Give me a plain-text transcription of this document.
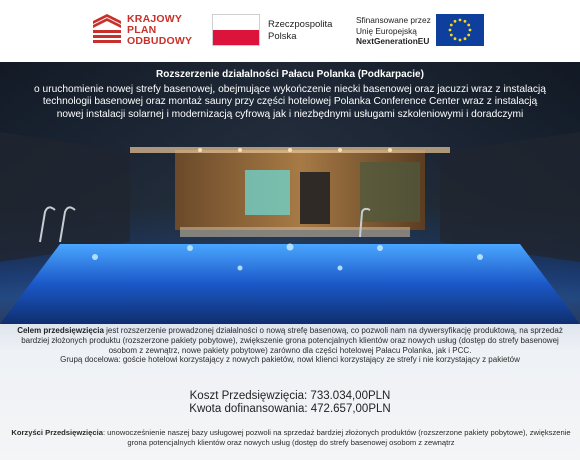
KRAJOWY
PLAN
ODBUDOWY
Rzeczpospolita
Polska
Sfinansowane przez
Unię Europejską
NextGenerationEU
Rozszerzenie działalności Pałacu Polanka (Podkarpacie)
o uruchomienie nowej strefy basenowej, obejmujące wykończenie niecki basenowej oraz jacuzzi wraz z instalacją technologii basenowej oraz montaż sauny przy części hotelowej Polanka Conference Center wraz z instalacją nowej instalacji solarnej i modernizacją cyfrową jak i niezbędnymi usługami szkoleniowymi i doradczymi
Celem przedsięwzięcia jest rozszerzenie prowadzonej działalności o nową strefę basenową, co pozwoli nam na dywersyfikację produktową, na sprzedaż bardziej złożonych produktu (rozszerzone pakiety pobytowe), zwiększenie grona potencjalnych klientów oraz nowych usług (dostęp do strefy basenowej osobom z zewnątrz, nowe pakiety pobytowe) zarówno dla części hotelowej Pałacu Polanka, jak i PCC.
Grupą docelowa: goście hotelowi korzystający z nowych pakietów, nowi klienci korzystający ze strefy i nie korzystający z pakietów
Koszt Przedsięwzięcia: 733.034,00PLN
Kwota dofinansowania: 472.657,00PLN
Korzyści Przedsięwzięcia: unowocześnienie naszej bazy usługowej pozwoli na sprzedaż bardziej złożonych produktów (rozszerzone pakiety pobytowe), zwiększenie grona potencjalnych klientów oraz nowych usług (dostęp do strefy basenowej osobom z zewnątrz
